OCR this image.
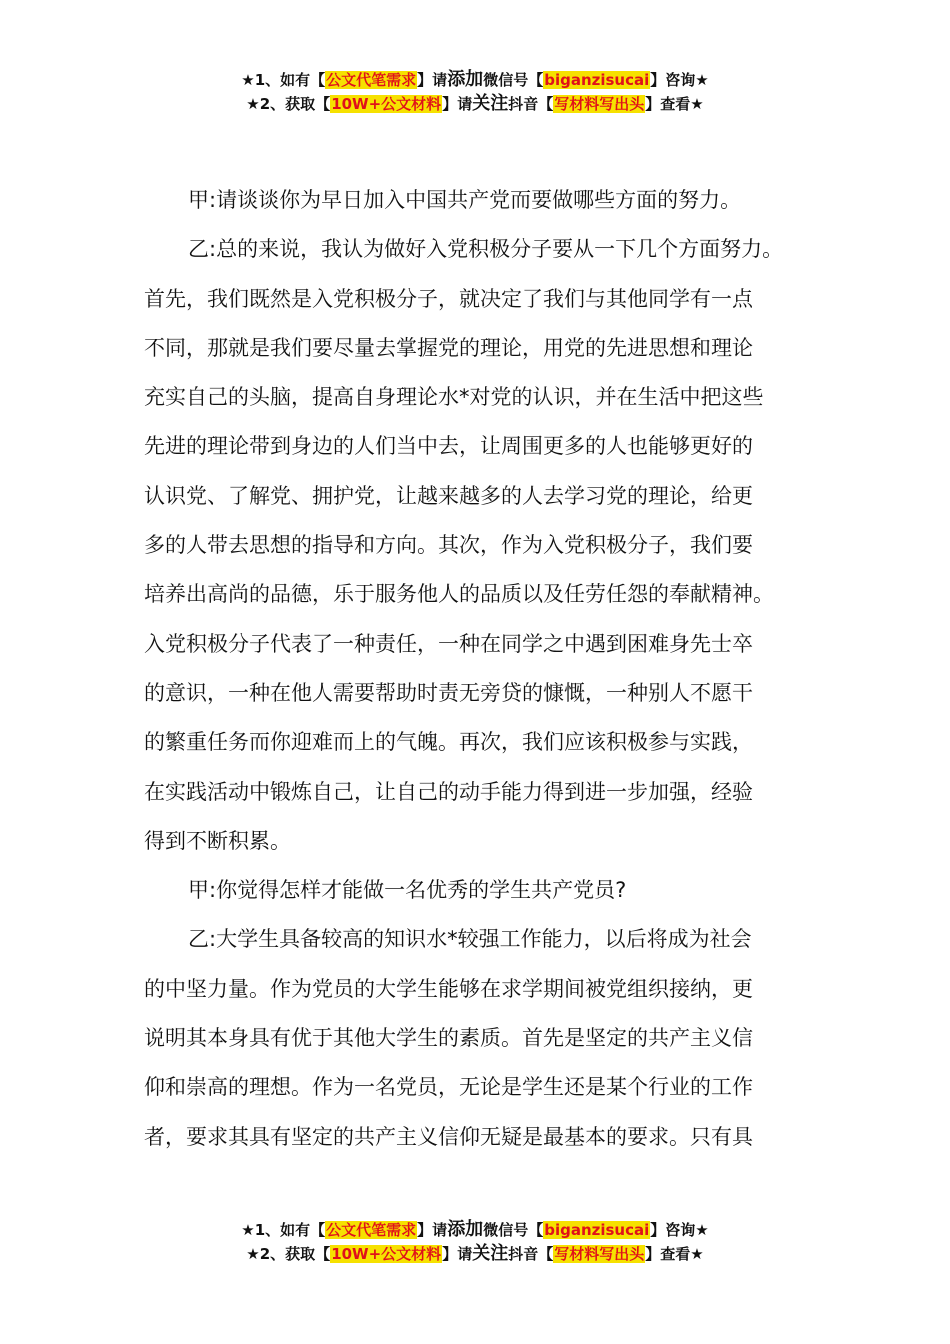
★1、如有【公文代笔需求】请添加微信号【biganzisucai】咨询★
★2、获取【10W+公文材料】请关注抖音【写材料写出头】查看★
甲:请谈谈你为早日加入中国共产党而要做哪些方面的努力。
乙:总的来说，我认为做好入党积极分子要从一下几个方面努力。
首先，我们既然是入党积极分子，就决定了我们与其他同学有一点
不同，那就是我们要尽量去掌握党的理论，用党的先进思想和理论
充实自己的头脑，提高自身理论水*对党的认识，并在生活中把这些
先进的理论带到身边的人们当中去，让周围更多的人也能够更好的
认识党、了解党、拥护党，让越来越多的人去学习党的理论，给更
多的人带去思想的指导和方向。其次，作为入党积极分子，我们要
培养出高尚的品德，乐于服务他人的品质以及任劳任怨的奉献精神。
入党积极分子代表了一种责任，一种在同学之中遇到困难身先士卒
的意识，一种在他人需要帮助时责无旁贷的慷慨，一种别人不愿干
的繁重任务而你迎难而上的气魄。再次，我们应该积极参与实践，
在实践活动中锻炼自己，让自己的动手能力得到进一步加强，经验
得到不断积累。
甲:你觉得怎样才能做一名优秀的学生共产党员?
乙:大学生具备较高的知识水*较强工作能力，以后将成为社会
的中坚力量。作为党员的大学生能够在求学期间被党组织接纳，更
说明其本身具有优于其他大学生的素质。首先是坚定的共产主义信
仰和崇高的理想。作为一名党员，无论是学生还是某个行业的工作
者，要求其具有坚定的共产主义信仰无疑是最基本的要求。只有具
★1、如有【公文代笔需求】请添加微信号【biganzisucai】咨询★
★2、获取【10W+公文材料】请关注抖音【写材料写出头】查看★
